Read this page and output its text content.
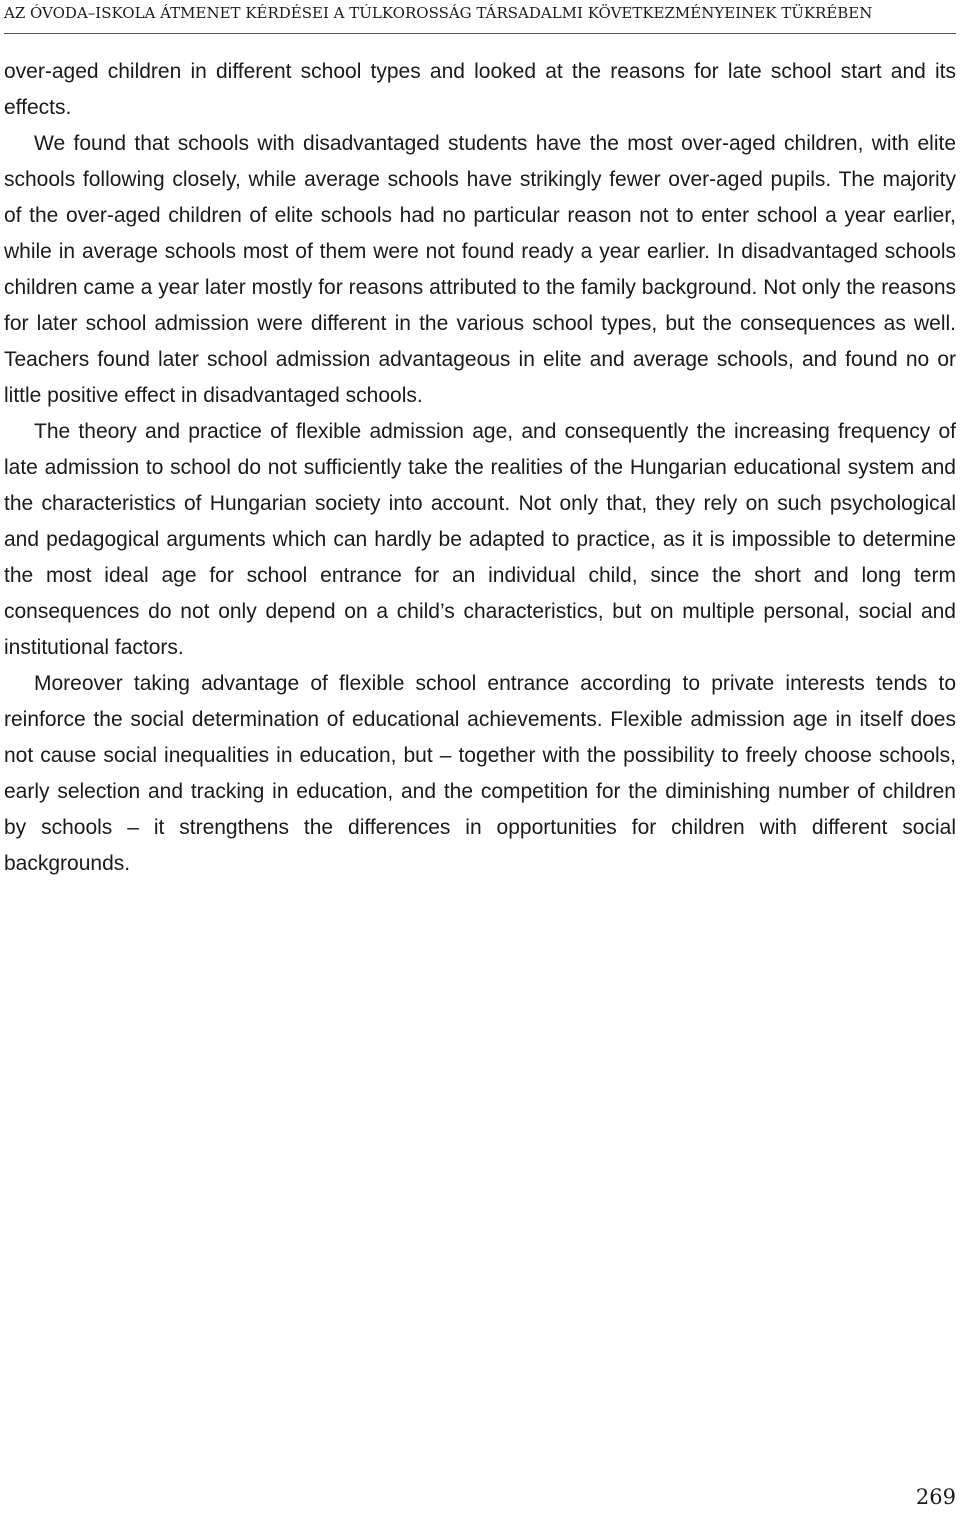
AZ ÓVODA–ISKOLA ÁTMENET KÉRDÉSEI A TÚLKOROSSÁG TÁRSADALMI KÖVETKEZMÉNYEINEK TÜKRÉBEN

over-aged children in different school types and looked at the reasons for late school start and its effects.

We found that schools with disadvantaged students have the most over-aged children, with elite schools following closely, while average schools have strikingly fewer over-aged pupils. The majority of the over-aged children of elite schools had no particular reason not to enter school a year earlier, while in average schools most of them were not found ready a year earlier. In disadvantaged schools children came a year later mostly for reasons attributed to the family background. Not only the reasons for later school admission were different in the various school types, but the consequences as well. Teachers found later school admission advantageous in elite and average schools, and found no or little positive effect in disadvantaged schools.

The theory and practice of flexible admission age, and consequently the increasing frequency of late admission to school do not sufficiently take the realities of the Hungarian educational system and the characteristics of Hungarian society into account. Not only that, they rely on such psychological and pedagogical arguments which can hardly be adapted to practice, as it is impossible to determine the most ideal age for school entrance for an individual child, since the short and long term consequences do not only depend on a child’s characteristics, but on multiple personal, social and institutional factors.

Moreover taking advantage of flexible school entrance according to private interests tends to reinforce the social determination of educational achievements. Flexible admission age in itself does not cause social inequalities in education, but – together with the possibility to freely choose schools, early selection and tracking in education, and the competition for the diminishing number of children by schools – it strengthens the differences in opportunities for children with different social backgrounds.

269
